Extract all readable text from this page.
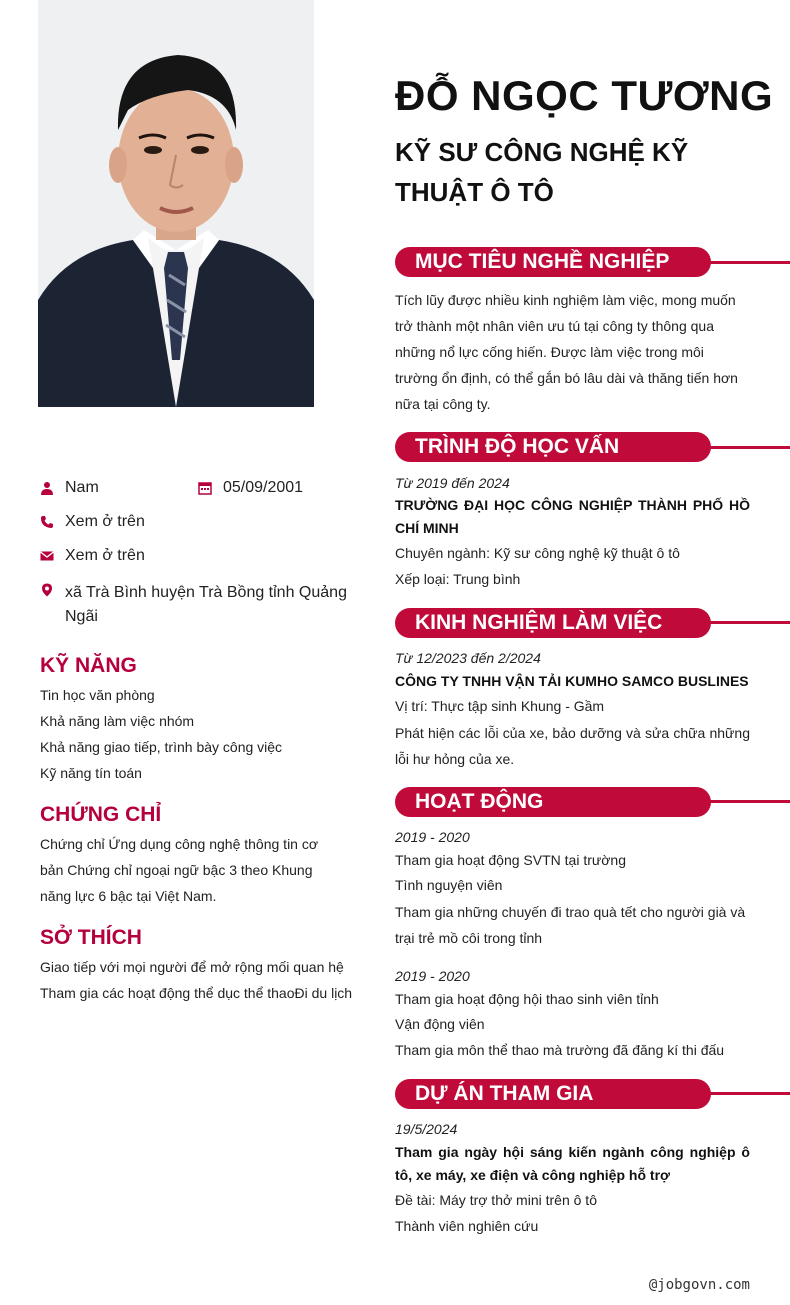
Nam	05/09/2001
Xem ở trên
Xem ở trên
xã Trà Bình huyện Trà Bồng tỉnh Quảng Ngãi
KỸ NĂNG
Tin học văn phòng
Khả năng làm việc nhóm
Khả năng giao tiếp, trình bày công việc
Kỹ năng tín toán
CHỨNG CHỈ
Chứng chỉ Ứng dụng công nghệ thông tin cơ bản Chứng chỉ ngoại ngữ bậc 3 theo Khung năng lực 6 bậc tại Việt Nam.
SỞ THÍCH
Giao tiếp với mọi người để mở rộng mối quan hệ Tham gia các hoạt động thể dục thể thaoĐi du lịch
ĐỖ NGỌC TƯƠNG
KỸ SƯ CÔNG NGHỆ KỸ THUẬT Ô TÔ
MỤC TIÊU NGHỀ NGHIỆP
Tích lũy được nhiều kinh nghiệm làm việc, mong muốn trở thành một nhân viên ưu tú tại công ty thông qua những nổ lực cống hiến. Được làm việc trong môi trường ổn định, có thể gắn bó lâu dài và thăng tiến hơn nữa tại công ty.
TRÌNH ĐỘ HỌC VẤN
Từ 2019 đến 2024
TRƯỜNG ĐẠI HỌC CÔNG NGHIỆP THÀNH PHỐ HỒ CHÍ MINH
Chuyên ngành: Kỹ sư công nghệ kỹ thuật ô tô
Xếp loại: Trung bình
KINH NGHIỆM LÀM VIỆC
Từ 12/2023 đến 2/2024
CÔNG TY TNHH VẬN TẢI KUMHO SAMCO BUSLINES
Vị trí: Thực tập sinh Khung - Gầm
Phát hiện các lỗi của xe, bảo dưỡng và sửa chữa những lỗi hư hỏng của xe.
HOẠT ĐỘNG
2019 - 2020
Tham gia hoạt động SVTN tại trường
Tình nguyện viên
Tham gia những chuyến đi trao quà tết cho người già và trại trẻ mồ côi trong tỉnh
2019 - 2020
Tham gia hoạt động hội thao sinh viên tỉnh
Vận động viên
Tham gia môn thể thao mà trường đã đăng kí thi đấu
DỰ ÁN THAM GIA
19/5/2024
Tham gia ngày hội sáng kiến ngành công nghiệp ô tô, xe máy, xe điện và công nghiệp hỗ trợ
Đề tài: Máy trợ thở mini trên ô tô
Thành viên nghiên cứu
@jobgovn.com
